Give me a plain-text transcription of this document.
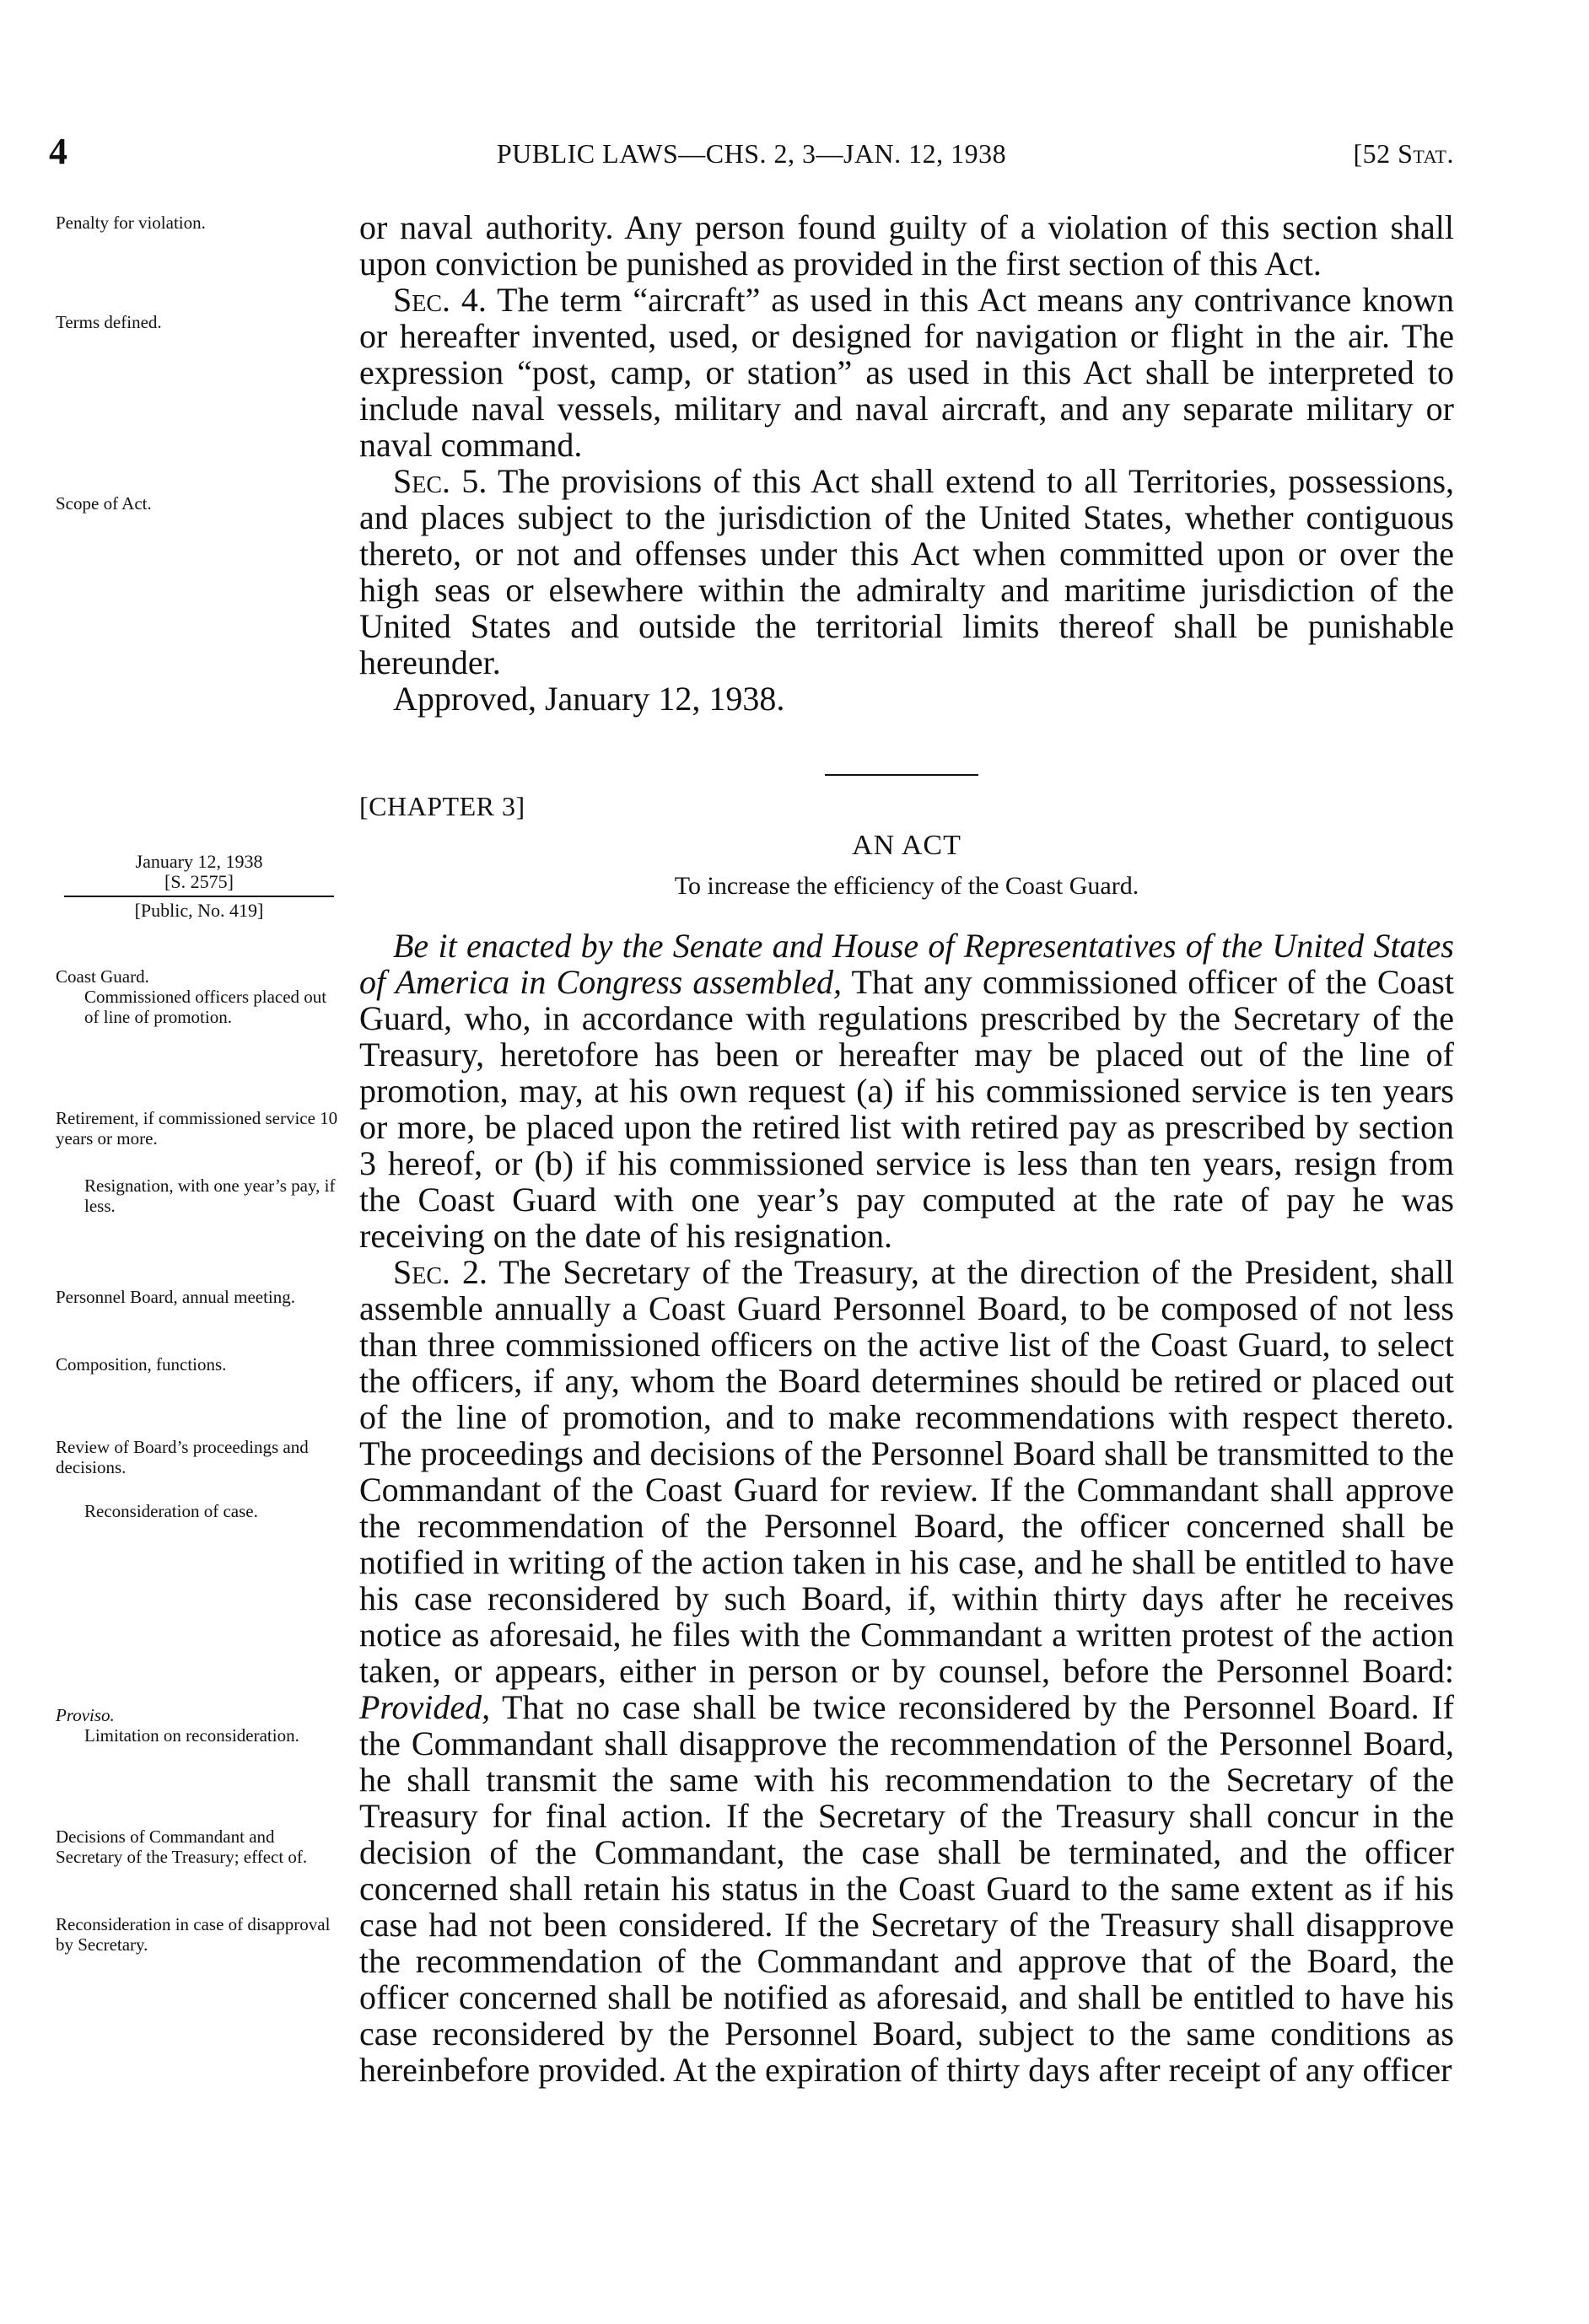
4	PUBLIC LAWS—CHS. 2, 3—JAN. 12, 1938	[52 Stat.

Penalty for violation.

Terms defined.

Scope of Act.

or naval authority. Any person found guilty of a violation of this section shall upon conviction be punished as provided in the first section of this Act.

Sec. 4. The term “aircraft” as used in this Act means any contrivance known or hereafter invented, used, or designed for navigation or flight in the air. The expression “post, camp, or station” as used in this Act shall be interpreted to include naval vessels, military and naval aircraft, and any separate military or naval command.

Sec. 5. The provisions of this Act shall extend to all Territories, possessions, and places subject to the jurisdiction of the United States, whether contiguous thereto, or not and offenses under this Act when committed upon or over the high seas or elsewhere within the admiralty and maritime jurisdiction of the United States and outside the territorial limits thereof shall be punishable hereunder.

Approved, January 12, 1938.

[CHAPTER 3]
AN ACT
To increase the efficiency of the Coast Guard.
January 12, 1938
[S. 2575]
[Public, No. 419]

Coast Guard.

Commissioned officers placed out of line of promotion.

Retirement, if commissioned service 10 years or more.

Resignation, with one year’s pay, if less.

Personnel Board, annual meeting.

Composition, functions.

Review of Board’s proceedings and decisions.

Reconsideration of case.

Proviso.

Limitation on reconsideration.

Decisions of Commandant and Secretary of the Treasury; effect of.

Reconsideration in case of disapproval by Secretary.

Be it enacted by the Senate and House of Representatives of the United States of America in Congress assembled, That any commissioned officer of the Coast Guard, who, in accordance with regulations prescribed by the Secretary of the Treasury, heretofore has been or hereafter may be placed out of the line of promotion, may, at his own request (a) if his commissioned service is ten years or more, be placed upon the retired list with retired pay as prescribed by section 3 hereof, or (b) if his commissioned service is less than ten years, resign from the Coast Guard with one year’s pay computed at the rate of pay he was receiving on the date of his resignation.

Sec. 2. The Secretary of the Treasury, at the direction of the President, shall assemble annually a Coast Guard Personnel Board, to be composed of not less than three commissioned officers on the active list of the Coast Guard, to select the officers, if any, whom the Board determines should be retired or placed out of the line of promotion, and to make recommendations with respect thereto. The proceedings and decisions of the Personnel Board shall be transmitted to the Commandant of the Coast Guard for review. If the Commandant shall approve the recommendation of the Personnel Board, the officer concerned shall be notified in writing of the action taken in his case, and he shall be entitled to have his case reconsidered by such Board, if, within thirty days after he receives notice as aforesaid, he files with the Commandant a written protest of the action taken, or appears, either in person or by counsel, before the Personnel Board: Provided, That no case shall be twice reconsidered by the Personnel Board. If the Commandant shall disapprove the recommendation of the Personnel Board, he shall transmit the same with his recommendation to the Secretary of the Treasury for final action. If the Secretary of the Treasury shall concur in the decision of the Commandant, the case shall be terminated, and the officer concerned shall retain his status in the Coast Guard to the same extent as if his case had not been considered. If the Secretary of the Treasury shall disapprove the recommendation of the Commandant and approve that of the Board, the officer concerned shall be notified as aforesaid, and shall be entitled to have his case reconsidered by the Personnel Board, subject to the same conditions as hereinbefore provided. At the expiration of thirty days after receipt of any officer
